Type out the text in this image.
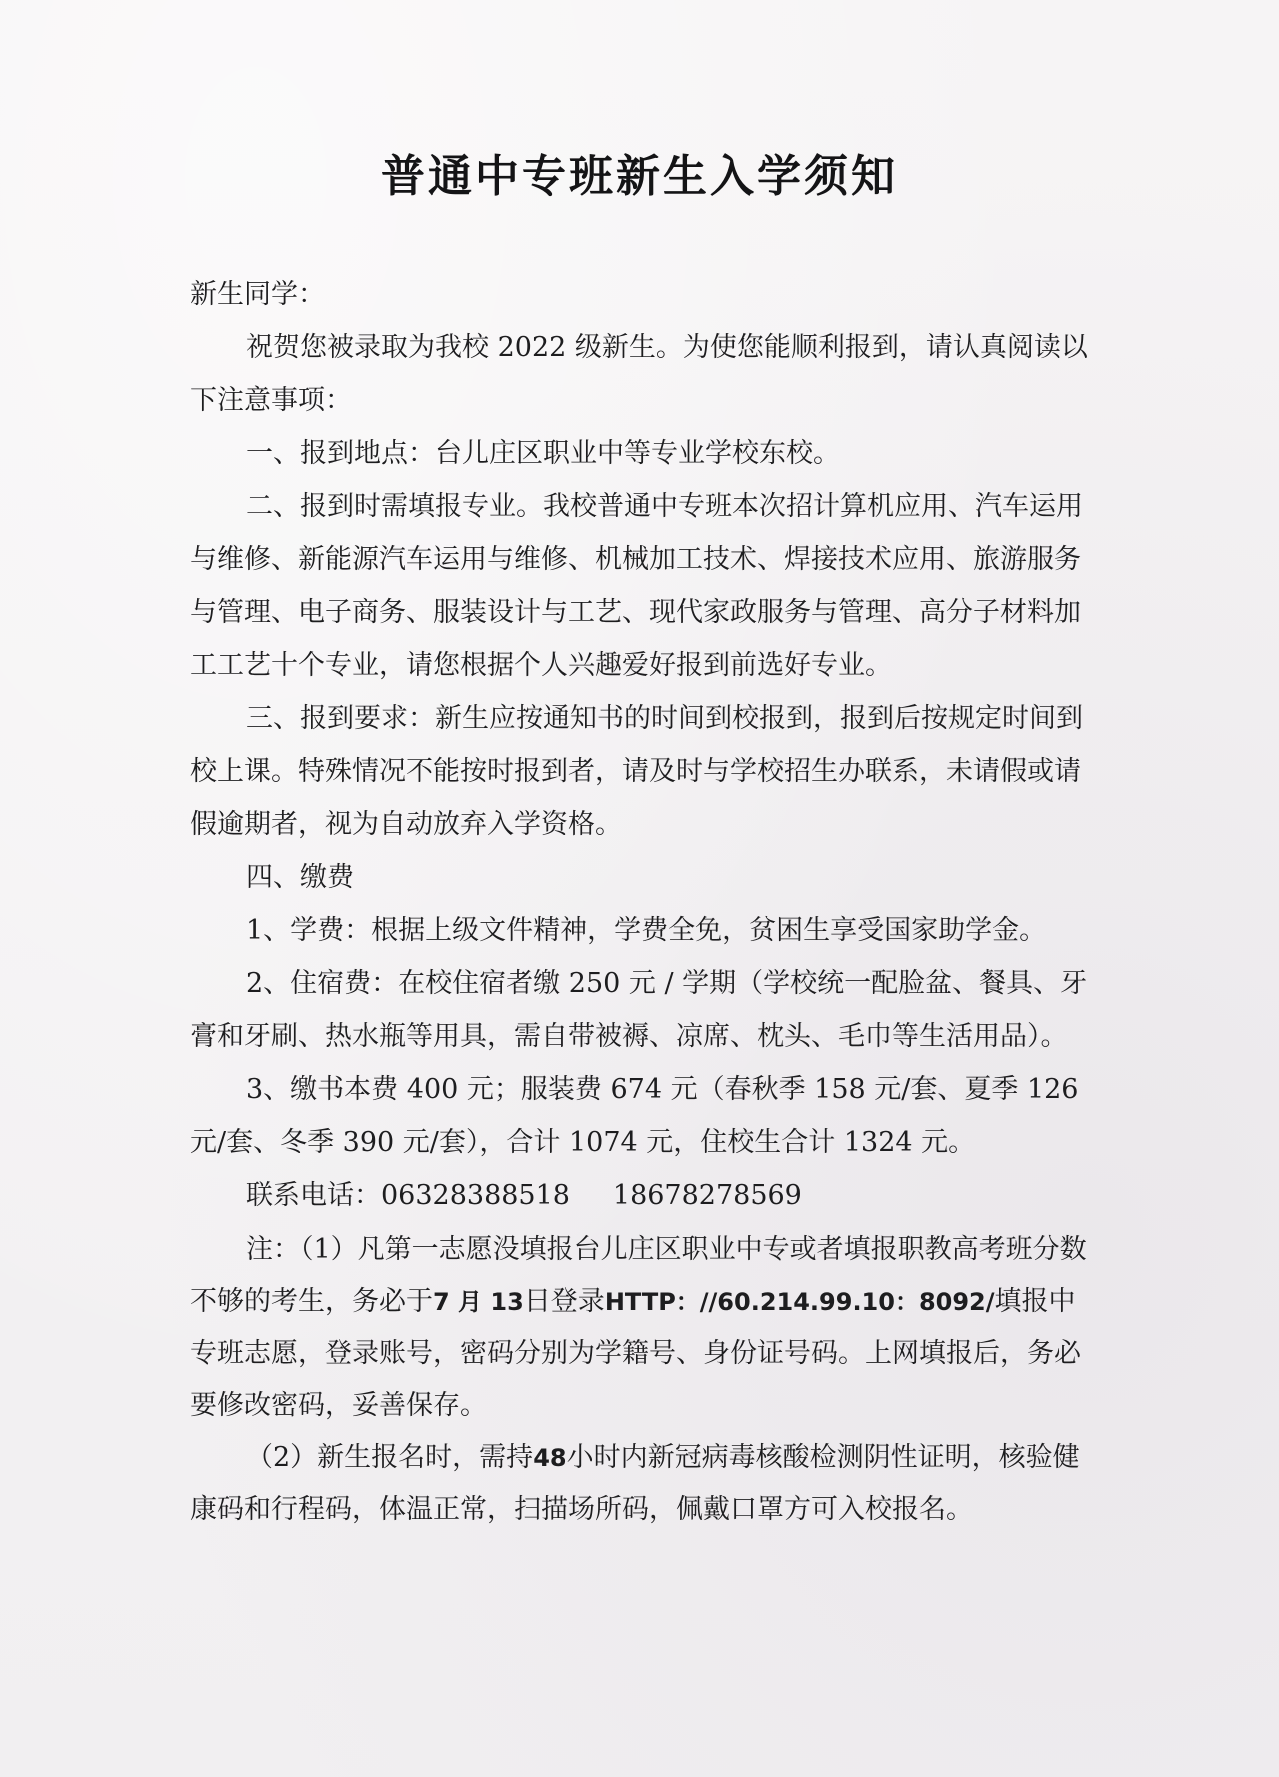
普通中专班新生入学须知

新生同学：

祝贺您被录取为我校 2022 级新生。为使您能顺利报到，请认真阅读以下注意事项：

一、报到地点：台儿庄区职业中等专业学校东校。

二、报到时需填报专业。我校普通中专班本次招计算机应用、汽车运用与维修、新能源汽车运用与维修、机械加工技术、焊接技术应用、旅游服务与管理、电子商务、服装设计与工艺、现代家政服务与管理、高分子材料加工工艺十个专业，请您根据个人兴趣爱好报到前选好专业。

三、报到要求：新生应按通知书的时间到校报到，报到后按规定时间到校上课。特殊情况不能按时报到者，请及时与学校招生办联系，未请假或请假逾期者，视为自动放弃入学资格。

四、缴费

1、学费：根据上级文件精神，学费全免，贫困生享受国家助学金。

2、住宿费：在校住宿者缴 250 元 / 学期（学校统一配脸盆、餐具、牙膏和牙刷、热水瓶等用具，需自带被褥、凉席、枕头、毛巾等生活用品）。

3、缴书本费 400 元；服装费 674 元（春秋季 158 元/套、夏季 126 元/套、冬季 390 元/套），合计 1074 元，住校生合计 1324 元。

联系电话：06328388518 18678278569

注：（1）凡第一志愿没填报台儿庄区职业中专或者填报职教高考班分数不够的考生，务必于7 月 13日登录HTTP：//60.214.99.10：8092/填报中专班志愿，登录账号，密码分别为学籍号、身份证号码。上网填报后，务必要修改密码，妥善保存。

（2）新生报名时，需持48小时内新冠病毒核酸检测阴性证明，核验健康码和行程码，体温正常，扫描场所码，佩戴口罩方可入校报名。
